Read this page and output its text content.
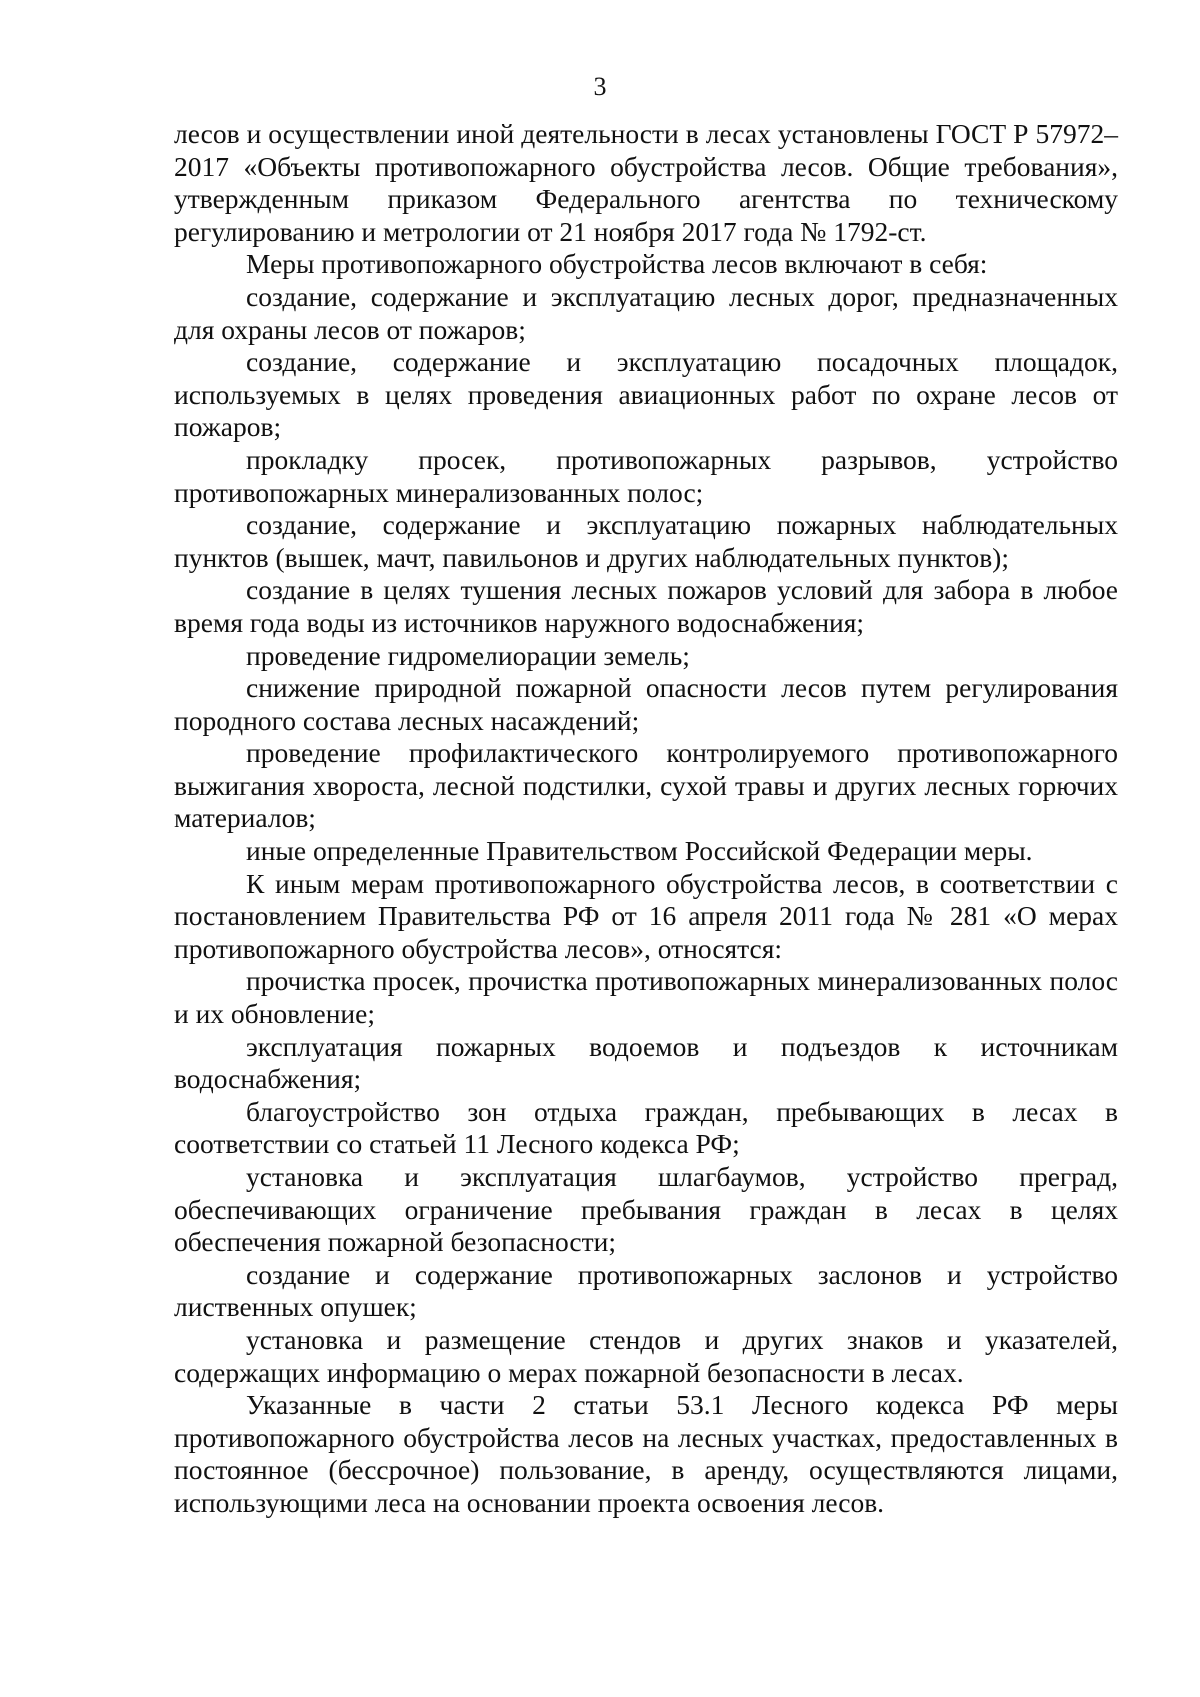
3

лесов и осуществлении иной деятельности в лесах установлены ГОСТ Р 57972–2017 «Объекты противопожарного обустройства лесов. Общие требования», утвержденным приказом Федерального агентства по техническому регулированию и метрологии от 21 ноября 2017 года № 1792-ст.

Меры противопожарного обустройства лесов включают в себя:

создание, содержание и эксплуатацию лесных дорог, предназначенных для охраны лесов от пожаров;

создание, содержание и эксплуатацию посадочных площадок, используемых в целях проведения авиационных работ по охране лесов от пожаров;

прокладку просек, противопожарных разрывов, устройство противопожарных минерализованных полос;

создание, содержание и эксплуатацию пожарных наблюдательных пунктов (вышек, мачт, павильонов и других наблюдательных пунктов);

создание в целях тушения лесных пожаров условий для забора в любое время года воды из источников наружного водоснабжения;

проведение гидромелиорации земель;

снижение природной пожарной опасности лесов путем регулирования породного состава лесных насаждений;

проведение профилактического контролируемого противопожарного выжигания хвороста, лесной подстилки, сухой травы и других лесных горючих материалов;

иные определенные Правительством Российской Федерации меры.

К иным мерам противопожарного обустройства лесов, в соответствии с постановлением Правительства РФ от 16 апреля 2011 года № 281 «О мерах противопожарного обустройства лесов», относятся:

прочистка просек, прочистка противопожарных минерализованных полос и их обновление;

эксплуатация пожарных водоемов и подъездов к источникам водоснабжения;

благоустройство зон отдыха граждан, пребывающих в лесах в соответствии со статьей 11 Лесного кодекса РФ;

установка и эксплуатация шлагбаумов, устройство преград, обеспечивающих ограничение пребывания граждан в лесах в целях обеспечения пожарной безопасности;

создание и содержание противопожарных заслонов и устройство лиственных опушек;

установка и размещение стендов и других знаков и указателей, содержащих информацию о мерах пожарной безопасности в лесах.

Указанные в части 2 статьи 53.1 Лесного кодекса РФ меры противопожарного обустройства лесов на лесных участках, предоставленных в постоянное (бессрочное) пользование, в аренду, осуществляются лицами, использующими леса на основании проекта освоения лесов.
